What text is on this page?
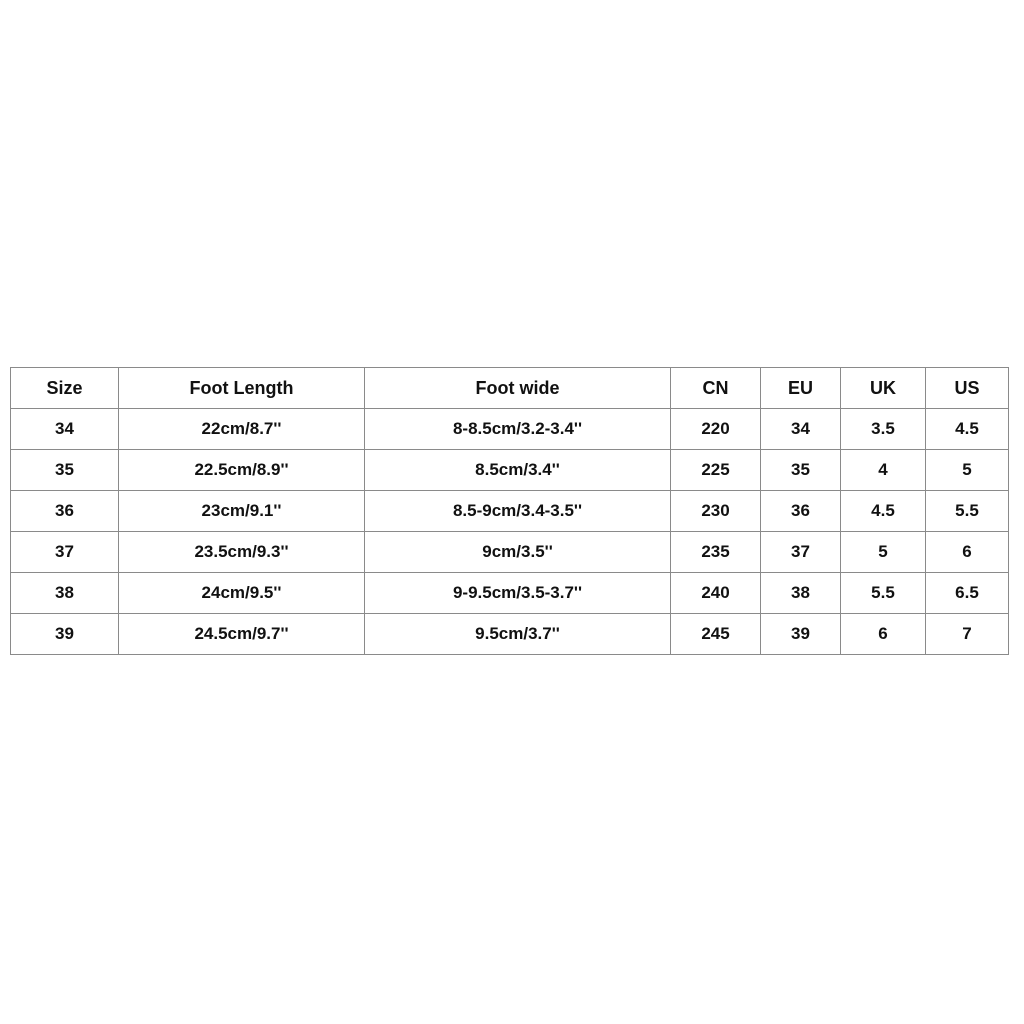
Size	Foot Length	Foot wide	CN	EU	UK	US
34	22cm/8.7''	8-8.5cm/3.2-3.4''	220	34	3.5	4.5
35	22.5cm/8.9''	8.5cm/3.4''	225	35	4	5
36	23cm/9.1''	8.5-9cm/3.4-3.5''	230	36	4.5	5.5
37	23.5cm/9.3''	9cm/3.5''	235	37	5	6
38	24cm/9.5''	9-9.5cm/3.5-3.7''	240	38	5.5	6.5
39	24.5cm/9.7''	9.5cm/3.7''	245	39	6	7
